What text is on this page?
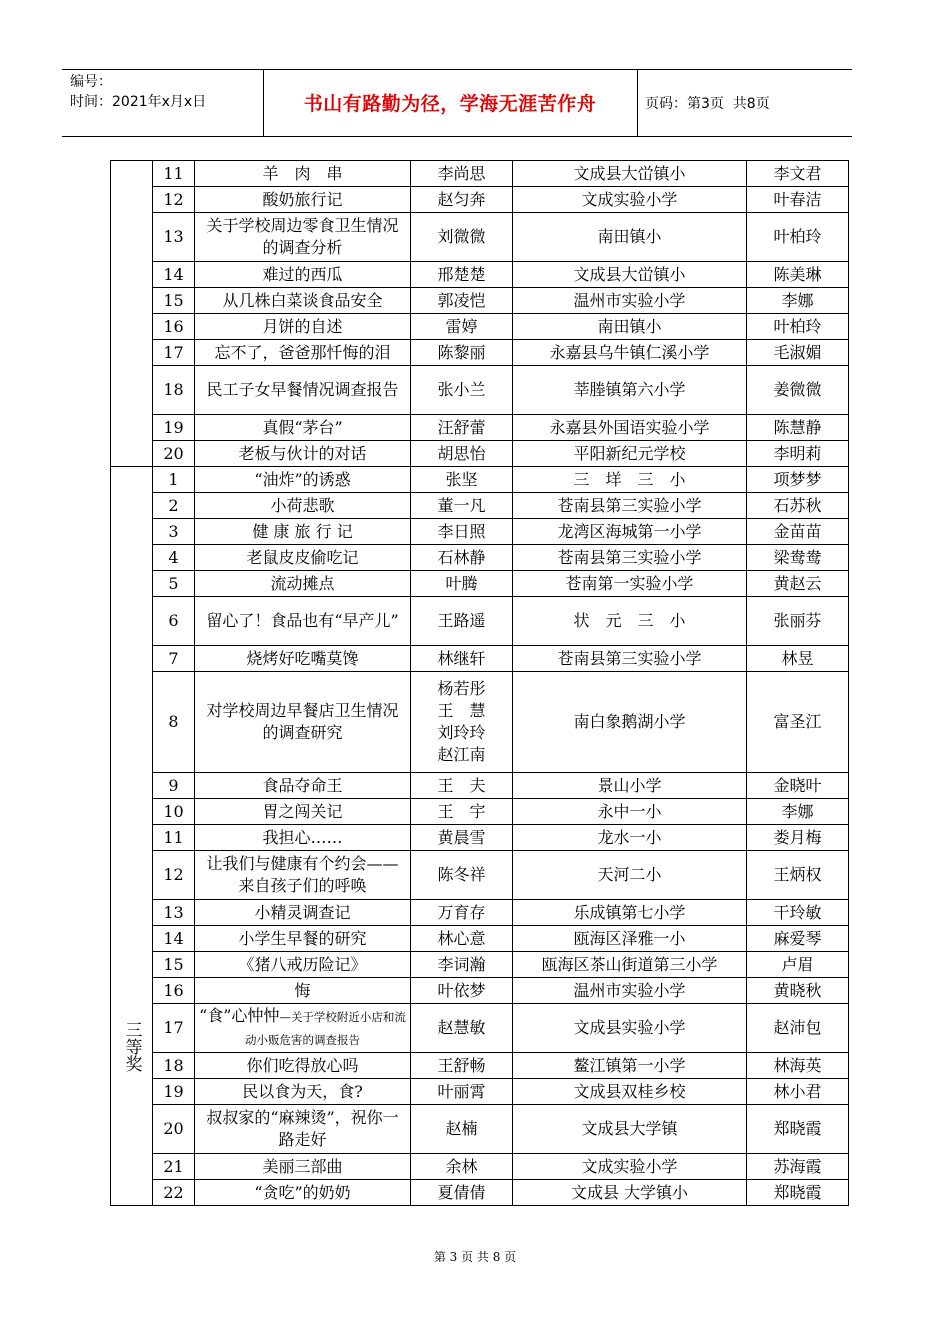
编号：
时间：2021年x月x日	书山有路勤为径，学海无涯苦作舟	页码：第3页  共8页
	11	羊　肉　串	李尚思	文成县大峃镇小	李文君
	12	酸奶旅行记	赵匀奔	文成实验小学	叶春洁
	13	关于学校周边零食卫生情况的调查分析	刘微微	南田镇小	叶柏玲
	14	难过的西瓜	邢楚楚	文成县大峃镇小	陈美琳
	15	从几株白菜谈食品安全	郭凌恺	温州市实验小学	李娜
	16	月饼的自述	雷婷	南田镇小	叶柏玲
	17	忘不了，爸爸那忏悔的泪	陈黎丽	永嘉县乌牛镇仁溪小学	毛淑媚
	18	民工子女早餐情况调查报告	张小兰	莘塍镇第六小学	姜微微
	19	真假“茅台”	汪舒蕾	永嘉县外国语实验小学	陈慧静
	20	老板与伙计的对话	胡思怡	平阳新纪元学校	李明莉
三等奖	1	“油炸”的诱惑	张坚	三　垟　三　小	项梦梦
	2	小荷悲歌	董一凡	苍南县第三实验小学	石苏秋
	3	健 康 旅 行 记	李日照	龙湾区海城第一小学	金苗苗
	4	老鼠皮皮偷吃记	石林静	苍南县第三实验小学	梁鸯鸯
	5	流动摊点	叶腾	苍南第一实验小学	黄赵云
	6	留心了！食品也有“早产儿”	王路遥	状　元　三　小	张丽芬
	7	烧烤好吃嘴莫馋	林继轩	苍南县第三实验小学	林昱
	8	对学校周边早餐店卫生情况的调查研究	杨若彤
王　慧
刘玲玲
赵江南	南白象鹅湖小学	富圣江
	9	食品夺命王	王　夫	景山小学	金晓叶
	10	胃之闯关记	王　宇	永中一小	李娜
	11	我担心……	黄晨雪	龙水一小	娄月梅
	12	让我们与健康有个约会——来自孩子们的呼唤	陈冬祥	天河二小	王炳权
	13	小精灵调查记	万育存	乐成镇第七小学	干玲敏
	14	小学生早餐的研究	林心意	瓯海区泽雅一小	麻爱琴
	15	《猪八戒历险记》	李词瀚	瓯海区茶山街道第三小学	卢眉
	16	悔	叶依梦	温州市实验小学	黄晓秋
	17	“食”心忡忡—关于学校附近小店和流动小贩危害的调查报告	赵慧敏	文成县实验小学	赵沛包
	18	你们吃得放心吗	王舒畅	鳌江镇第一小学	林海英
	19	民以食为天，食?	叶丽霄	文成县双桂乡校	林小君
	20	叔叔家的“麻辣烫”，祝你一路走好	赵楠	文成县大学镇	郑晓霞
	21	美丽三部曲	余林	文成实验小学	苏海霞
	22	“贪吃”的奶奶	夏倩倩	文成县 大学镇小	郑晓霞
第 3 页 共 8 页
